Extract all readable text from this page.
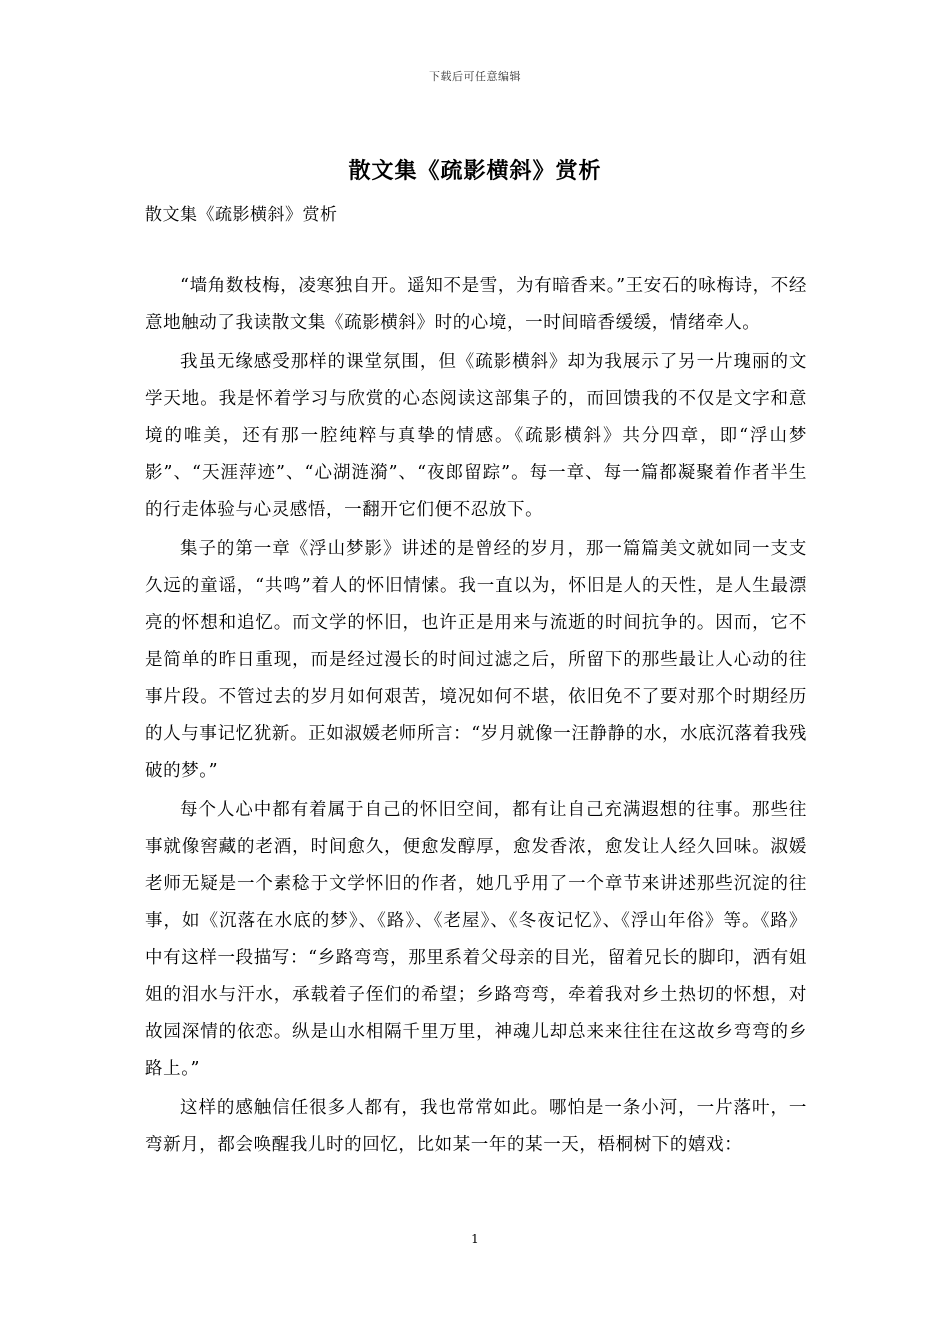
下载后可任意编辑
散文集《疏影横斜》赏析
散文集《疏影横斜》赏析

“墙角数枝梅，凌寒独自开。遥知不是雪，为有暗香来。”王安石的咏梅诗，不经意地触动了我读散文集《疏影横斜》时的心境，一时间暗香缓缓，情绪牵人。

我虽无缘感受那样的课堂氛围，但《疏影横斜》却为我展示了另一片瑰丽的文学天地。我是怀着学习与欣赏的心态阅读这部集子的，而回馈我的不仅是文字和意境的唯美，还有那一腔纯粹与真挚的情感。《疏影横斜》共分四章，即“浮山梦影”、“天涯萍迹”、“心湖涟漪”、“夜郎留踪”。每一章、每一篇都凝聚着作者半生的行走体验与心灵感悟，一翻开它们便不忍放下。

集子的第一章《浮山梦影》讲述的是曾经的岁月，那一篇篇美文就如同一支支久远的童谣，“共鸣”着人的怀旧情愫。我一直以为，怀旧是人的天性，是人生最漂亮的怀想和追忆。而文学的怀旧，也许正是用来与流逝的时间抗争的。因而，它不是简单的昨日重现，而是经过漫长的时间过滤之后，所留下的那些最让人心动的往事片段。不管过去的岁月如何艰苦，境况如何不堪，依旧免不了要对那个时期经历的人与事记忆犹新。正如淑媛老师所言：“岁月就像一汪静静的水，水底沉落着我残破的梦。”

每个人心中都有着属于自己的怀旧空间，都有让自己充满遐想的往事。那些往事就像窖藏的老酒，时间愈久，便愈发醇厚，愈发香浓，愈发让人经久回味。淑媛老师无疑是一个素稔于文学怀旧的作者，她几乎用了一个章节来讲述那些沉淀的往事，如《沉落在水底的梦》、《路》、《老屋》、《冬夜记忆》、《浮山年俗》等。《路》中有这样一段描写：“乡路弯弯，那里系着父母亲的目光，留着兄长的脚印，洒有姐姐的泪水与汗水，承载着子侄们的希望；乡路弯弯，牵着我对乡土热切的怀想，对故园深情的依恋。纵是山水相隔千里万里，神魂儿却总来来往往在这故乡弯弯的乡路上。”

这样的感触信任很多人都有，我也常常如此。哪怕是一条小河，一片落叶，一弯新月，都会唤醒我儿时的回忆，比如某一年的某一天，梧桐树下的嬉戏：

1
